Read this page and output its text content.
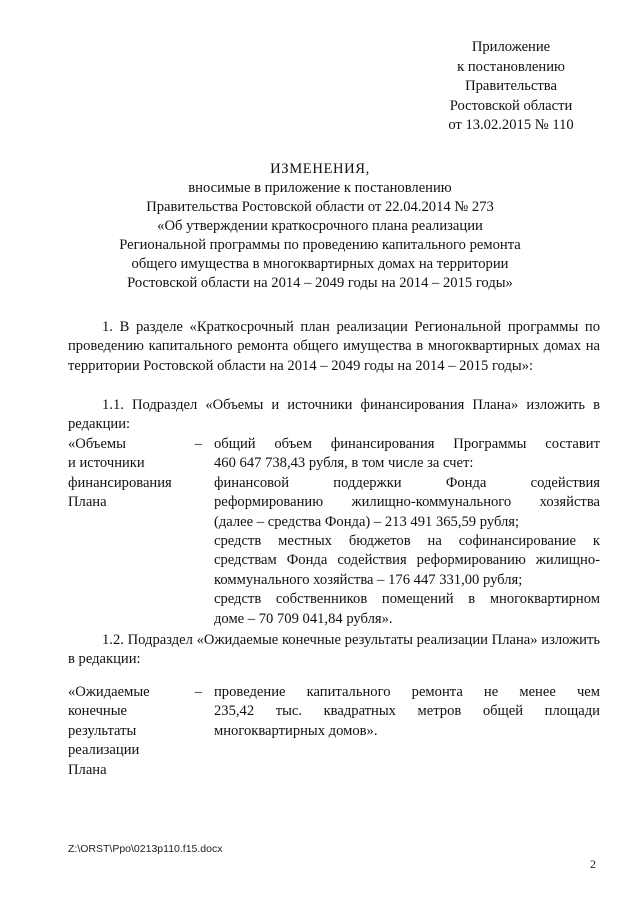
Приложение
к постановлению
Правительства
Ростовской области
от 13.02.2015 № 110
ИЗМЕНЕНИЯ,
вносимые в приложение к постановлению
Правительства Ростовской области от 22.04.2014 № 273
«Об утверждении краткосрочного плана реализации
Региональной программы по проведению капитального ремонта
общего имущества в многоквартирных домах на территории
Ростовской области на 2014 – 2049 годы на 2014 – 2015 годы»
1. В разделе «Краткосрочный план реализации Региональной программы по проведению капитального ремонта общего имущества в многоквартирных домах на территории Ростовской области на 2014 – 2049 годы на 2014 – 2015 годы»:
1.1. Подраздел «Объемы и источники финансирования Плана» изложить в редакции:
«Объемы
и источники
финансирования
Плана
– общий объем финансирования Программы составит
460 647 738,43 рубля, в том числе за счет:
финансовой поддержки Фонда содействия
реформированию жилищно-коммунального хозяйства
(далее – средства Фонда) – 213 491 365,59 рубля;
средств местных бюджетов на софинансирование к
средствам Фонда содействия реформированию жилищно-
коммунального хозяйства – 176 447 331,00 рубля;
средств собственников помещений в многоквартирном
доме – 70 709 041,84 рубля».
1.2. Подраздел «Ожидаемые конечные результаты реализации Плана» изложить в редакции:
«Ожидаемые
конечные
результаты
реализации
Плана
– проведение капитального ремонта не менее чем
235,42 тыс. квадратных метров общей площади
многоквартирных домов».
Z:\ORST\Ppo\0213p110.f15.docx
2
